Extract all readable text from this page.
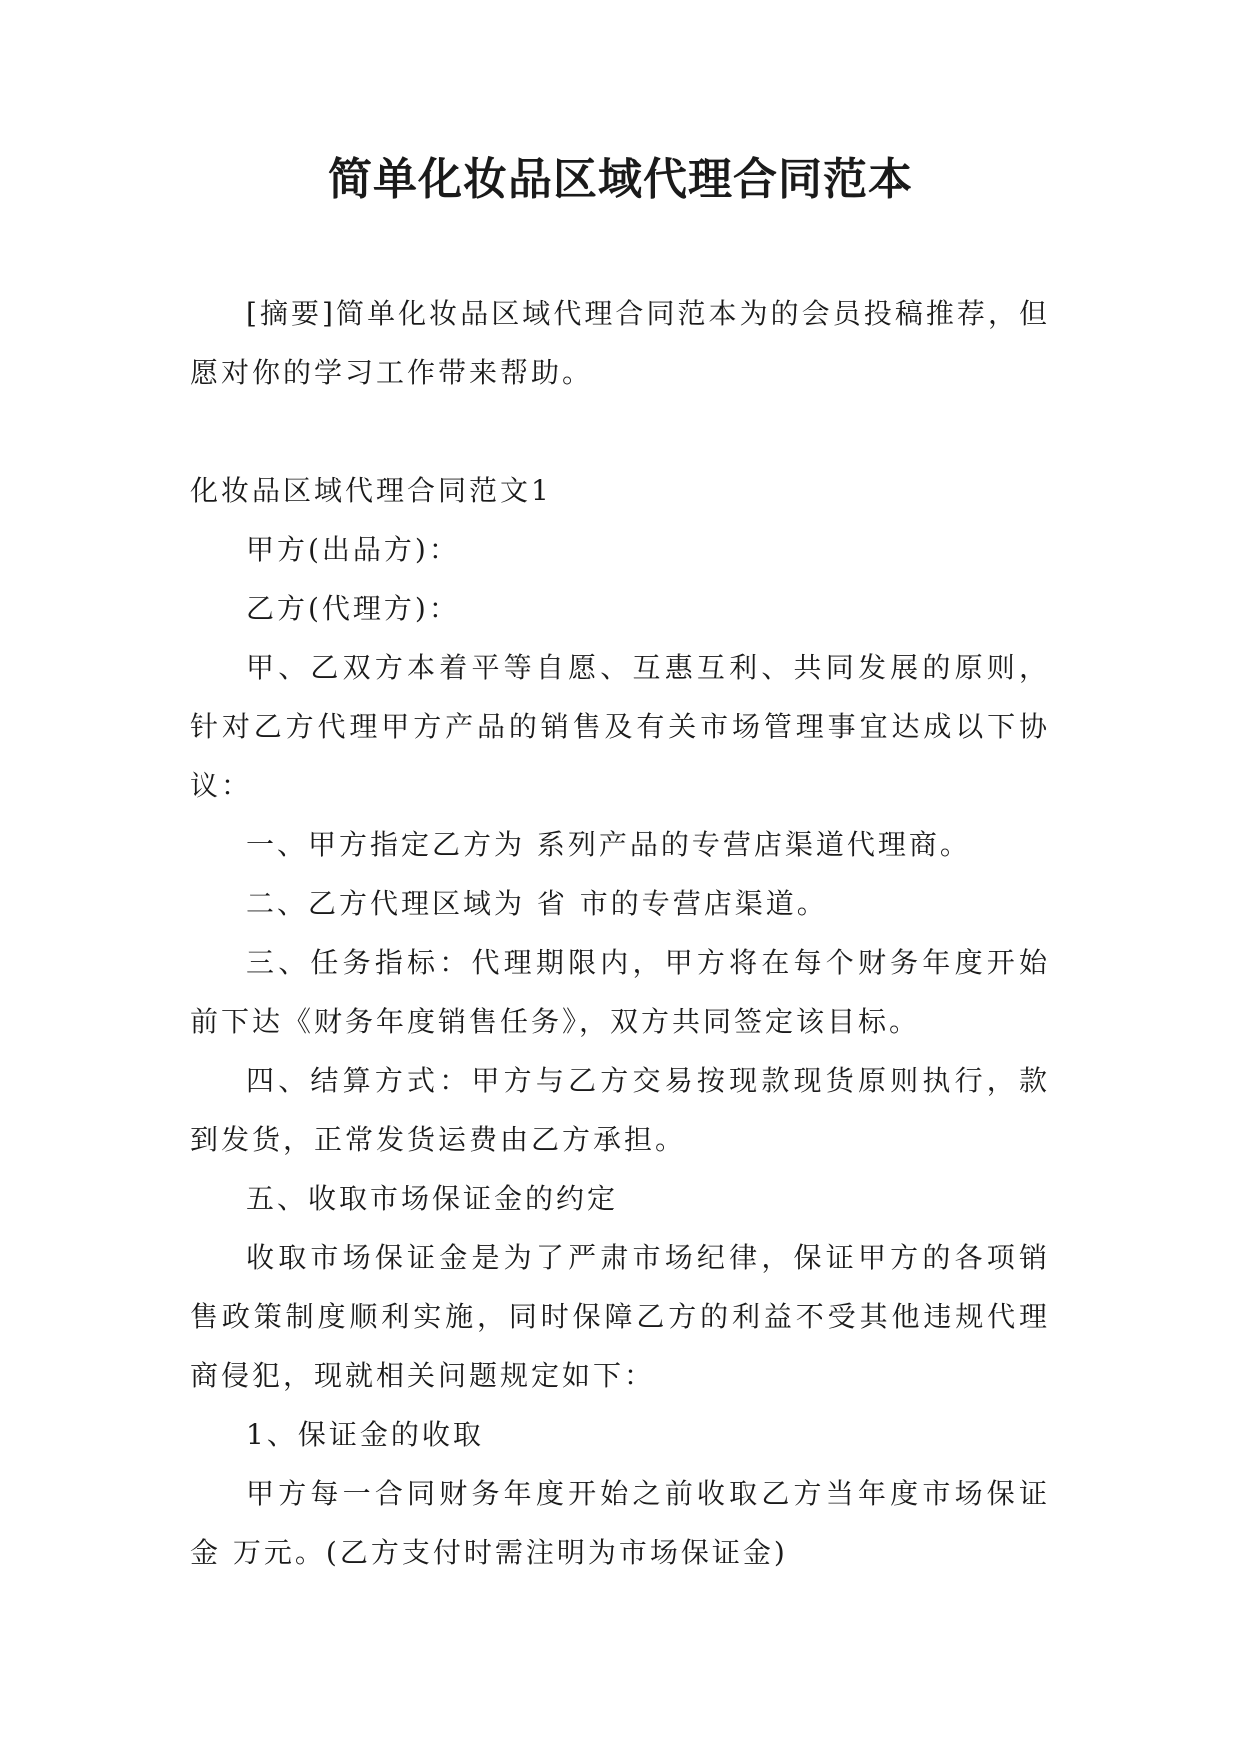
简单化妆品区域代理合同范本

[摘要]简单化妆品区域代理合同范本为的会员投稿推荐，但愿对你的学习工作带来帮助。

化妆品区域代理合同范文1

甲方(出品方)：

乙方(代理方)：

甲、乙双方本着平等自愿、互惠互利、共同发展的原则，针对乙方代理甲方产品的销售及有关市场管理事宜达成以下协议：

一、甲方指定乙方为 系列产品的专营店渠道代理商。

二、乙方代理区域为 省 市的专营店渠道。

三、任务指标：代理期限内，甲方将在每个财务年度开始前下达《财务年度销售任务》，双方共同签定该目标。

四、结算方式：甲方与乙方交易按现款现货原则执行，款到发货，正常发货运费由乙方承担。

五、收取市场保证金的约定

收取市场保证金是为了严肃市场纪律，保证甲方的各项销售政策制度顺利实施，同时保障乙方的利益不受其他违规代理商侵犯，现就相关问题规定如下：

1、保证金的收取

甲方每一合同财务年度开始之前收取乙方当年度市场保证金 万元。(乙方支付时需注明为市场保证金)
